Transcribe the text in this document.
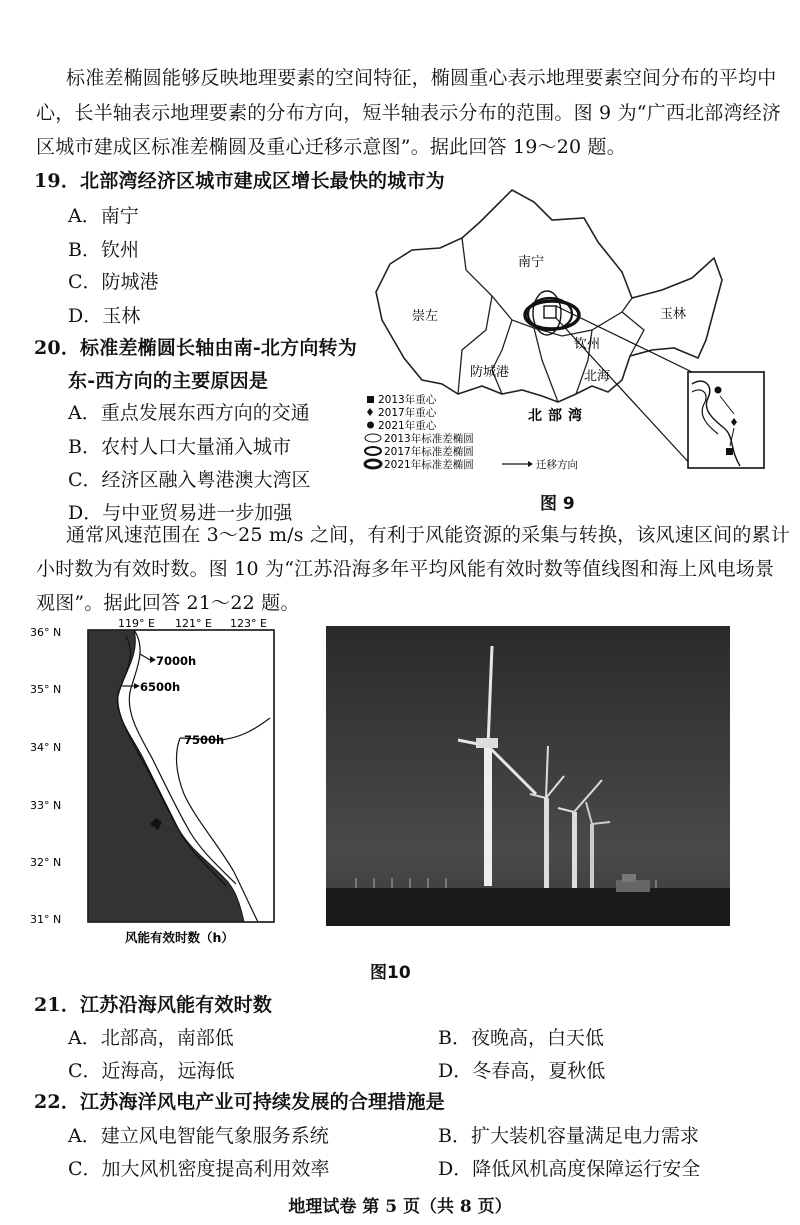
标准差椭圆能够反映地理要素的空间特征，椭圆重心表示地理要素空间分布的平均中
心，长半轴表示地理要素的分布方向，短半轴表示分布的范围。图 9 为“广西北部湾经济
区城市建成区标准差椭圆及重心迁移示意图”。据此回答 19～20 题。
19．北部湾经济区城市建成区增长最快的城市为
A．南宁
B．钦州
C．防城港
D．玉林
20．标准差椭圆长轴由南-北方向转为
东-西方向的主要原因是
A．重点发展东西方向的交通
B．农村人口大量涌入城市
C．经济区融入粤港澳大湾区
D．与中亚贸易进一步加强
南宁
崇左	玉林
钦州
防城港	北海
北部湾
2013年重心
2017年重心
2021年重心
2013年标准差椭圆
2017年标准差椭圆
2021年标准差椭圆	迁移方向
图 9
通常风速范围在 3～25 m/s 之间，有利于风能资源的采集与转换，该风速区间的累计
小时数为有效时数。图 10 为“江苏沿海多年平均风能有效时数等值线图和海上风电场景
观图”。据此回答 21～22 题。
119° E 121° E 123° E
36° N
35° N
34° N
33° N
32° N
31° N
7000h
6500h
7500h
风能有效时数（h）
图10
21．江苏沿海风能有效时数
A．北部高，南部低	B．夜晚高，白天低
C．近海高，远海低	D．冬春高，夏秋低
22．江苏海洋风电产业可持续发展的合理措施是
A．建立风电智能气象服务系统	B．扩大装机容量满足电力需求
C．加大风机密度提高利用效率	D．降低风机高度保障运行安全
地理试卷 第 5 页（共 8 页）
